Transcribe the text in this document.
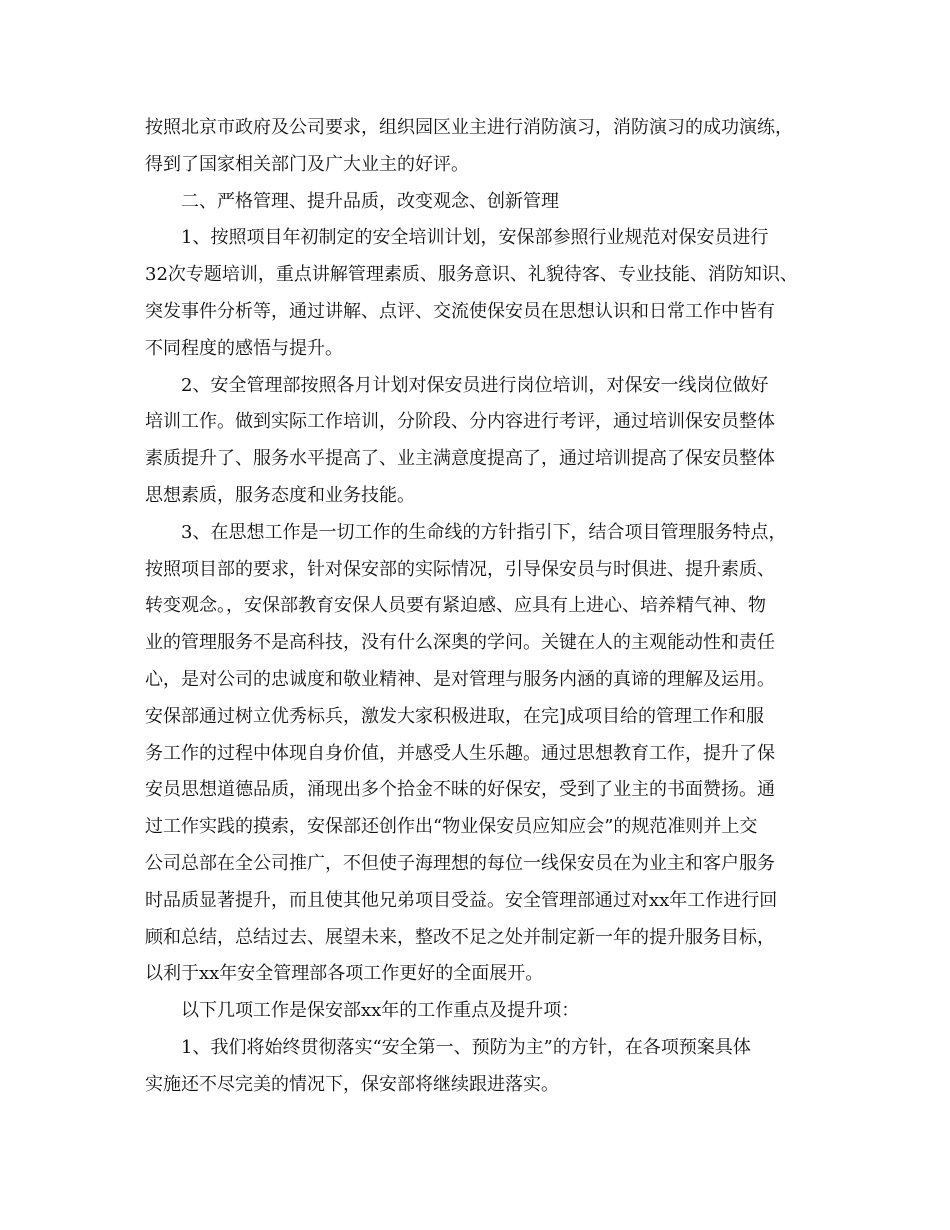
按照北京市政府及公司要求，组织园区业主进行消防演习，消防演习的成功演练，
得到了国家相关部门及广大业主的好评。
二、严格管理、提升品质，改变观念、创新管理
1、按照项目年初制定的安全培训计划，安保部参照行业规范对保安员进行
32次专题培训，重点讲解管理素质、服务意识、礼貌待客、专业技能、消防知识、
突发事件分析等，通过讲解、点评、交流使保安员在思想认识和日常工作中皆有
不同程度的感悟与提升。
2、安全管理部按照各月计划对保安员进行岗位培训，对保安一线岗位做好
培训工作。做到实际工作培训，分阶段、分内容进行考评，通过培训保安员整体
素质提升了、服务水平提高了、业主满意度提高了，通过培训提高了保安员整体
思想素质，服务态度和业务技能。
3、在思想工作是一切工作的生命线的方针指引下，结合项目管理服务特点，
按照项目部的要求，针对保安部的实际情况，引导保安员与时俱进、提升素质、
转变观念。，安保部教育安保人员要有紧迫感、应具有上进心、培养精气神、物
业的管理服务不是高科技，没有什么深奥的学问。关键在人的主观能动性和责任
心，是对公司的忠诚度和敬业精神、是对管理与服务内涵的真谛的理解及运用。
安保部通过树立优秀标兵，激发大家积极进取，在完]成项目给的管理工作和服
务工作的过程中体现自身价值，并感受人生乐趣。通过思想教育工作，提升了保
安员思想道德品质，涌现出多个拾金不昧的好保安，受到了业主的书面赞扬。通
过工作实践的摸索，安保部还创作出“物业保安员应知应会”的规范准则并上交
公司总部在全公司推广，不但使子海理想的每位一线保安员在为业主和客户服务
时品质显著提升，而且使其他兄弟项目受益。安全管理部通过对xx年工作进行回
顾和总结，总结过去、展望未来，整改不足之处并制定新一年的提升服务目标，
以利于xx年安全管理部各项工作更好的全面展开。
以下几项工作是保安部xx年的工作重点及提升项：
1、我们将始终贯彻落实“安全第一、预防为主”的方针，在各项预案具体
实施还不尽完美的情况下，保安部将继续跟进落实。
